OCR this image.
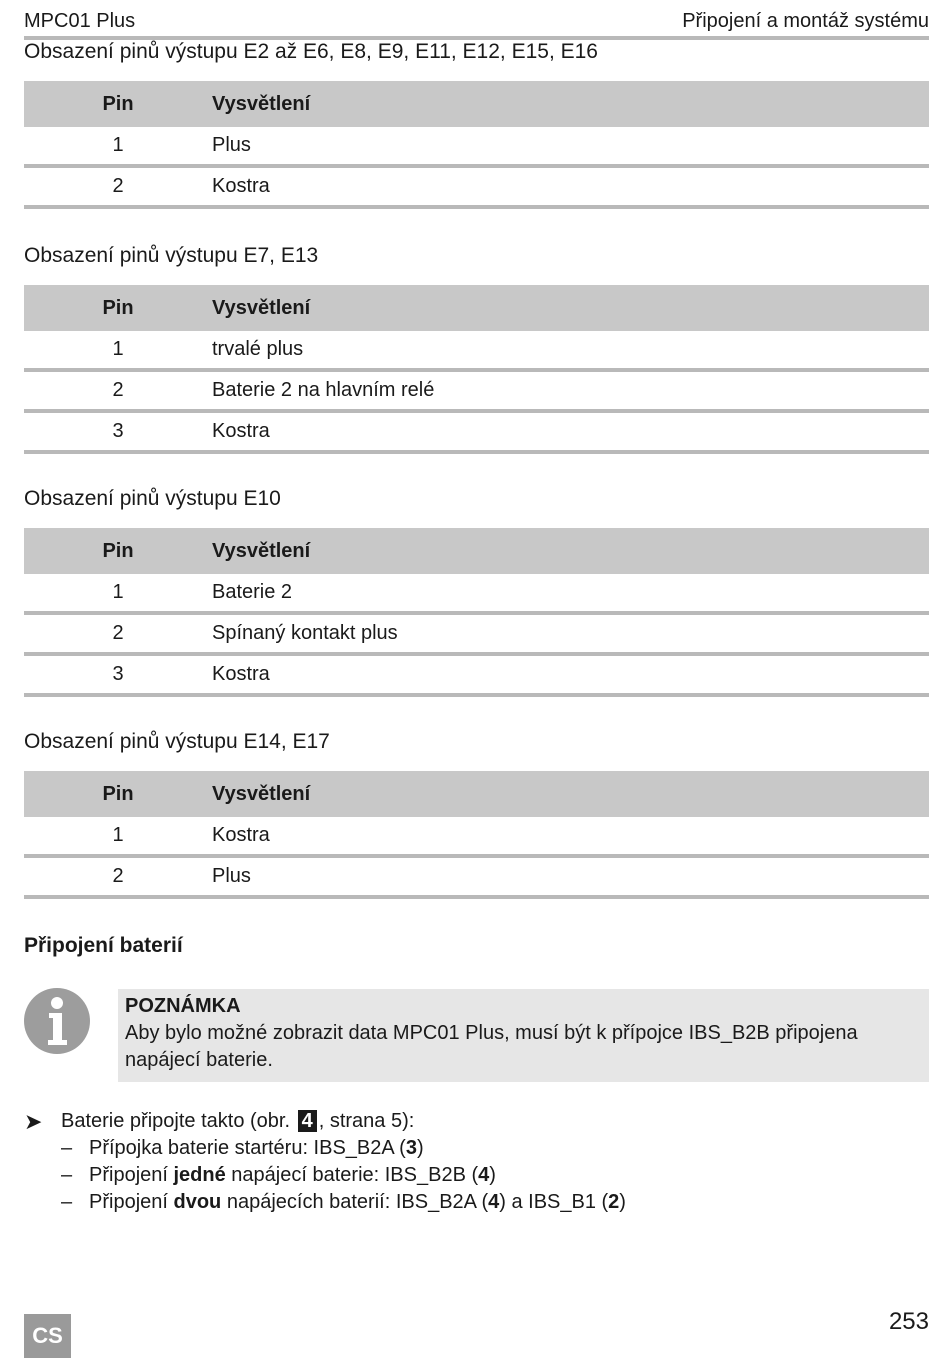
MPC01 Plus	Připojení a montáž systému
Obsazení pinů výstupu E2 až E6, E8, E9, E11, E12, E15, E16
Pin	Vysvětlení
1	Plus
2	Kostra
Obsazení pinů výstupu E7, E13
Pin	Vysvětlení
1	trvalé plus
2	Baterie 2 na hlavním relé
3	Kostra
Obsazení pinů výstupu E10
Pin	Vysvětlení
1	Baterie 2
2	Spínaný kontakt plus
3	Kostra
Obsazení pinů výstupu E14, E17
Pin	Vysvětlení
1	Kostra
2	Plus
Připojení baterií
POZNÁMKA
Aby bylo možné zobrazit data MPC01 Plus, musí být k přípojce IBS_B2B připojena napájecí baterie.
➤ Baterie připojte takto (obr. 4 , strana 5):
– Přípojka baterie startéru: IBS_B2A (3)
– Připojení jedné napájecí baterie: IBS_B2B (4)
– Připojení dvou napájecích baterií: IBS_B2A (4) a IBS_B1 (2)
CS
253
